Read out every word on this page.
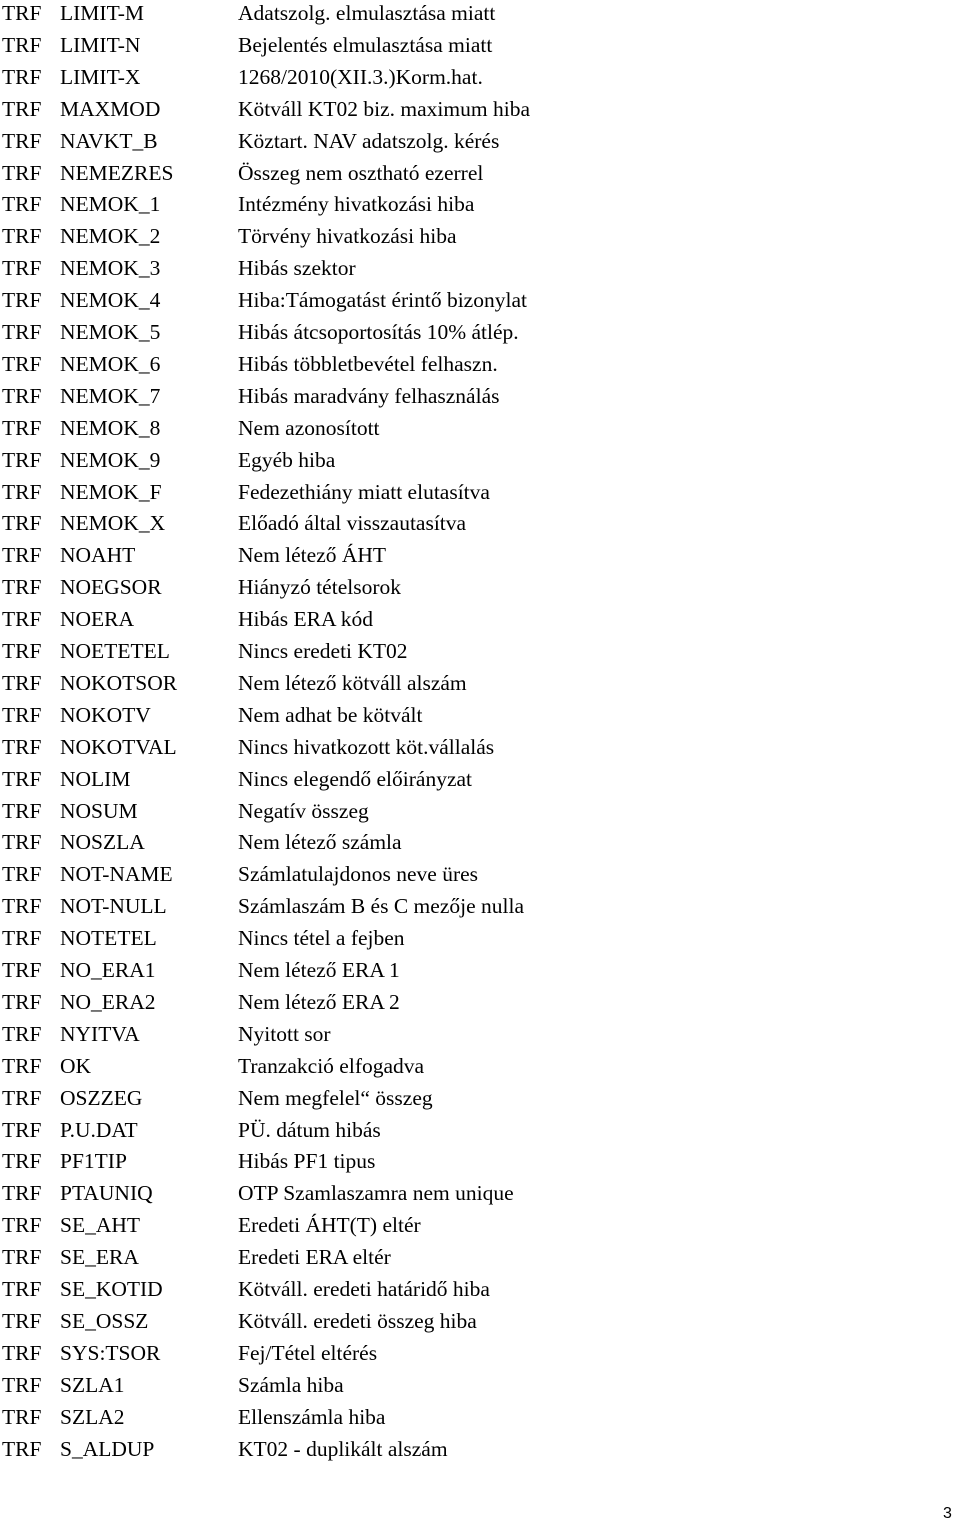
TRF LIMIT-M	Adatszolg. elmulasztása miatt
TRF LIMIT-N	Bejelentés elmulasztása miatt
TRF LIMIT-X	1268/2010(XII.3.)Korm.hat.
TRF MAXMOD	Kötváll KT02 biz. maximum hiba
TRF NAVKT_B	Köztart. NAV adatszolg. kérés
TRF NEMEZRES	Összeg nem osztható ezerrel
TRF NEMOK_1	Intézmény hivatkozási hiba
TRF NEMOK_2	Törvény hivatkozási hiba
TRF NEMOK_3	Hibás szektor
TRF NEMOK_4	Hiba:Támogatást érintő bizonylat
TRF NEMOK_5	Hibás átcsoportosítás 10% átlép.
TRF NEMOK_6	Hibás többletbevétel felhaszn.
TRF NEMOK_7	Hibás maradvány felhasználás
TRF NEMOK_8	Nem azonosított
TRF NEMOK_9	Egyéb hiba
TRF NEMOK_F	Fedezethiány miatt elutasítva
TRF NEMOK_X	Előadó által visszautasítva
TRF NOAHT	Nem létező ÁHT
TRF NOEGSOR	Hiányzó tételsorok
TRF NOERA	Hibás ERA kód
TRF NOETETEL	Nincs eredeti KT02
TRF NOKOTSOR	Nem létező kötváll alszám
TRF NOKOTV	Nem adhat be kötvált
TRF NOKOTVAL	Nincs hivatkozott köt.vállalás
TRF NOLIM	Nincs elegendő előirányzat
TRF NOSUM	Negatív összeg
TRF NOSZLA	Nem létező számla
TRF NOT-NAME	Számlatulajdonos neve üres
TRF NOT-NULL	Számlaszám B és C mezője nulla
TRF NOTETEL	Nincs tétel a fejben
TRF NO_ERA1	Nem létező ERA 1
TRF NO_ERA2	Nem létező ERA 2
TRF NYITVA	Nyitott sor
TRF OK	Tranzakció elfogadva
TRF OSZZEG	Nem megfelel“ összeg
TRF P.U.DAT	PÜ. dátum hibás
TRF PF1TIP	Hibás PF1 tipus
TRF PTAUNIQ	OTP Szamlaszamra nem unique
TRF SE_AHT	Eredeti ÁHT(T) eltér
TRF SE_ERA	Eredeti ERA eltér
TRF SE_KOTID	Kötváll. eredeti határidő hiba
TRF SE_OSSZ	Kötváll. eredeti összeg hiba
TRF SYS:TSOR	Fej/Tétel eltérés
TRF SZLA1	Számla hiba
TRF SZLA2	Ellenszámla hiba
TRF S_ALDUP	KT02 - duplikált alszám
3
